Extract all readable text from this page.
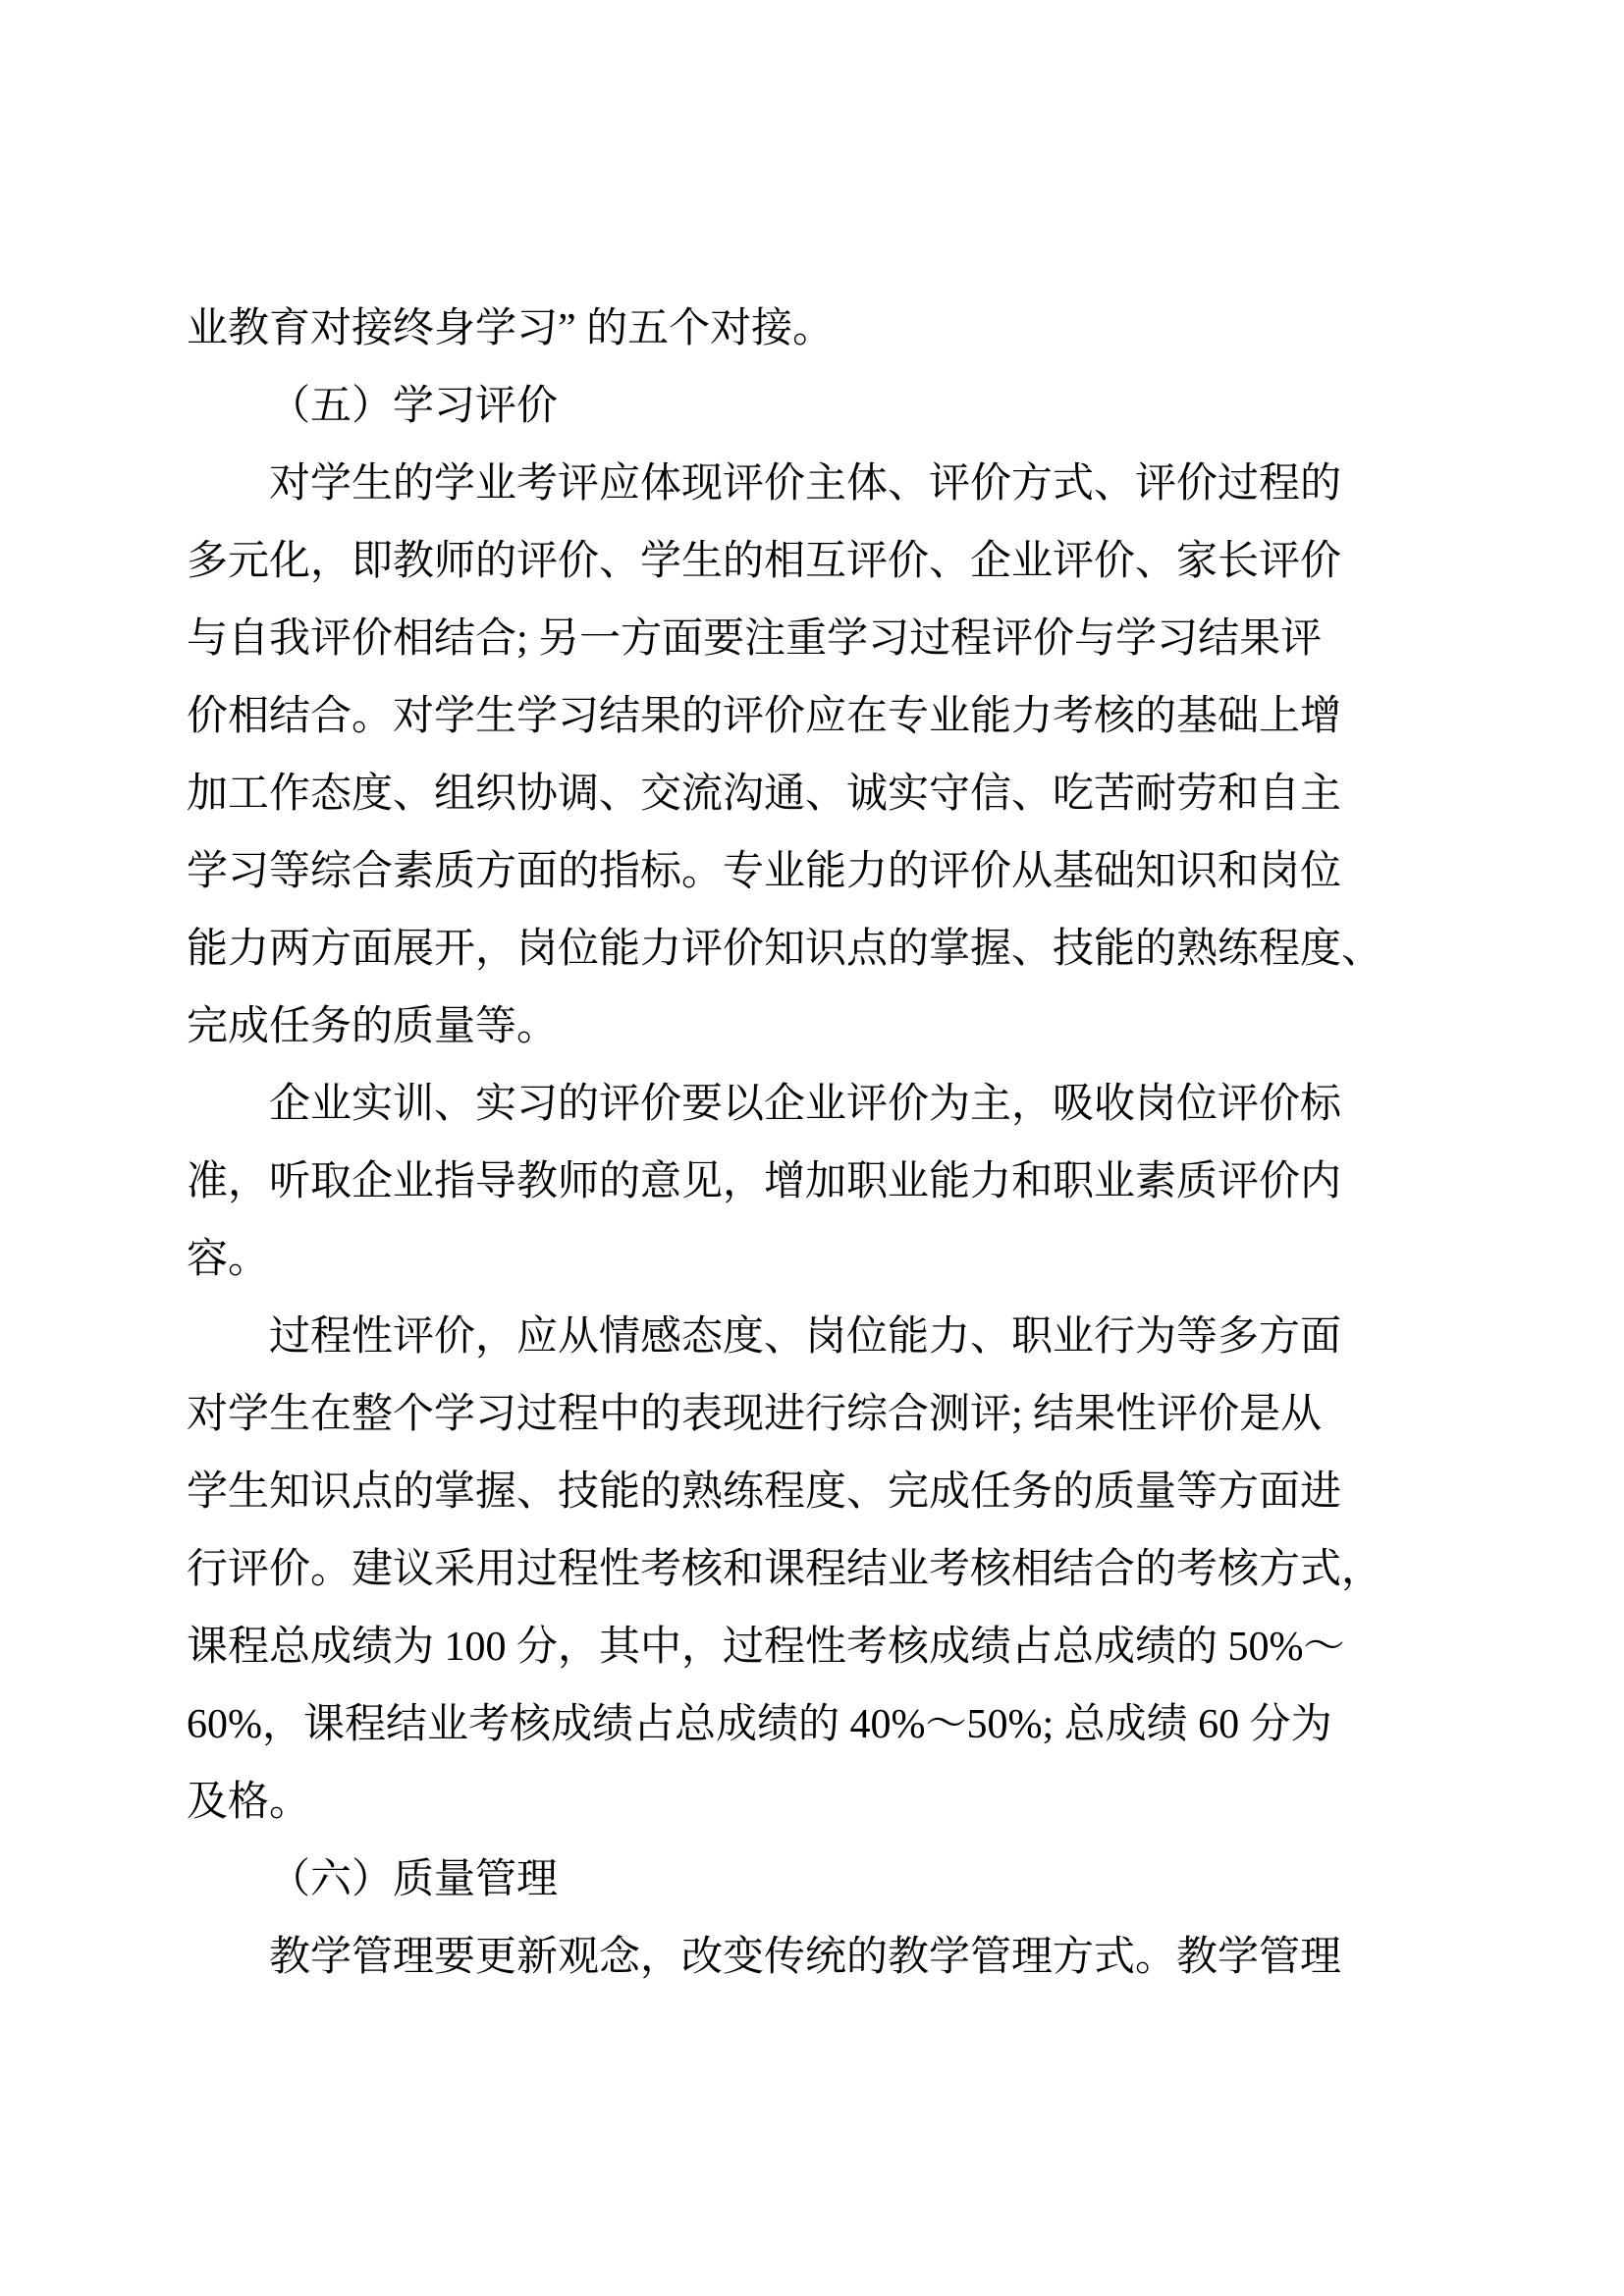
业教育对接终身学习” 的五个对接。
（五）学习评价
对学生的学业考评应体现评价主体、评价方式、评价过程的
多元化，即教师的评价、学生的相互评价、企业评价、家长评价
与自我评价相结合; 另一方面要注重学习过程评价与学习结果评
价相结合。对学生学习结果的评价应在专业能力考核的基础上增
加工作态度、组织协调、交流沟通、诚实守信、吃苦耐劳和自主
学习等综合素质方面的指标。专业能力的评价从基础知识和岗位
能力两方面展开，岗位能力评价知识点的掌握、技能的熟练程度、
完成任务的质量等。
企业实训、实习的评价要以企业评价为主，吸收岗位评价标
准，听取企业指导教师的意见，增加职业能力和职业素质评价内
容。
过程性评价，应从情感态度、岗位能力、职业行为等多方面
对学生在整个学习过程中的表现进行综合测评; 结果性评价是从
学生知识点的掌握、技能的熟练程度、完成任务的质量等方面进
行评价。建议采用过程性考核和课程结业考核相结合的考核方式，
课程总成绩为 100 分，其中，过程性考核成绩占总成绩的 50%～
60%，课程结业考核成绩占总成绩的 40%～50%; 总成绩 60 分为
及格。
（六）质量管理
教学管理要更新观念，改变传统的教学管理方式。教学管理
